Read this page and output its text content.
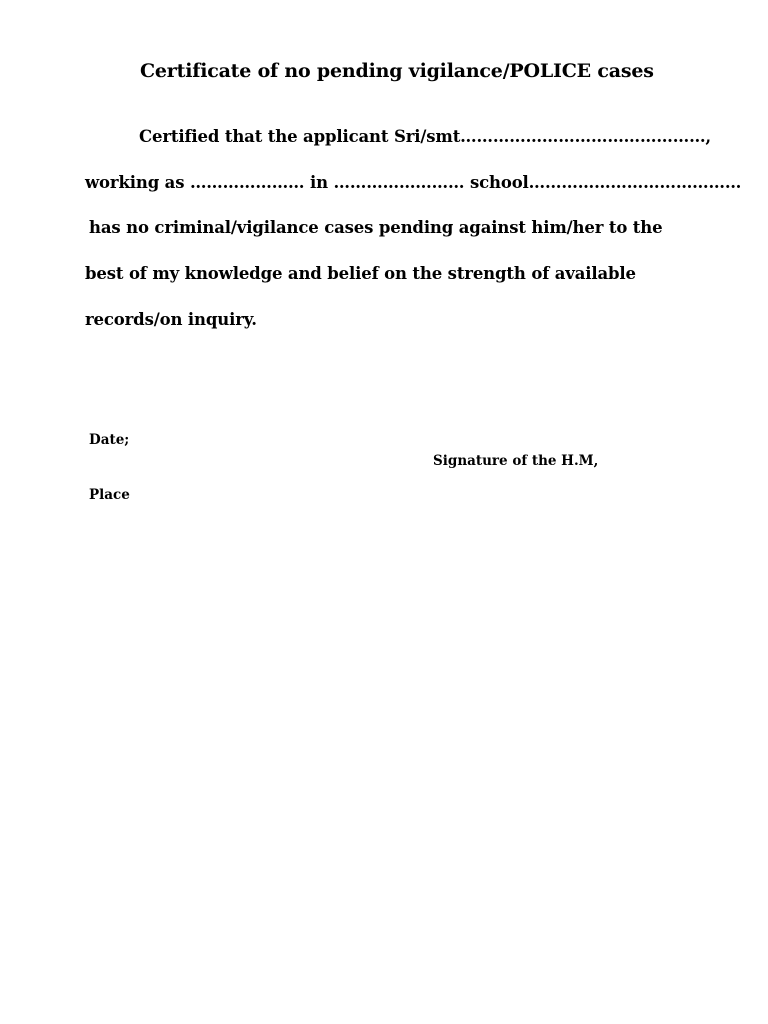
Certificate of no pending vigilance/POLICE cases
Certified that the applicant Sri/smt………………………………………,
working as ………………… in …………………… school…………………………………
has no criminal/vigilance cases pending against him/her to the
best of my knowledge and belief on the strength of available
records/on inquiry.
Date;
Signature of the H.M,
Place
